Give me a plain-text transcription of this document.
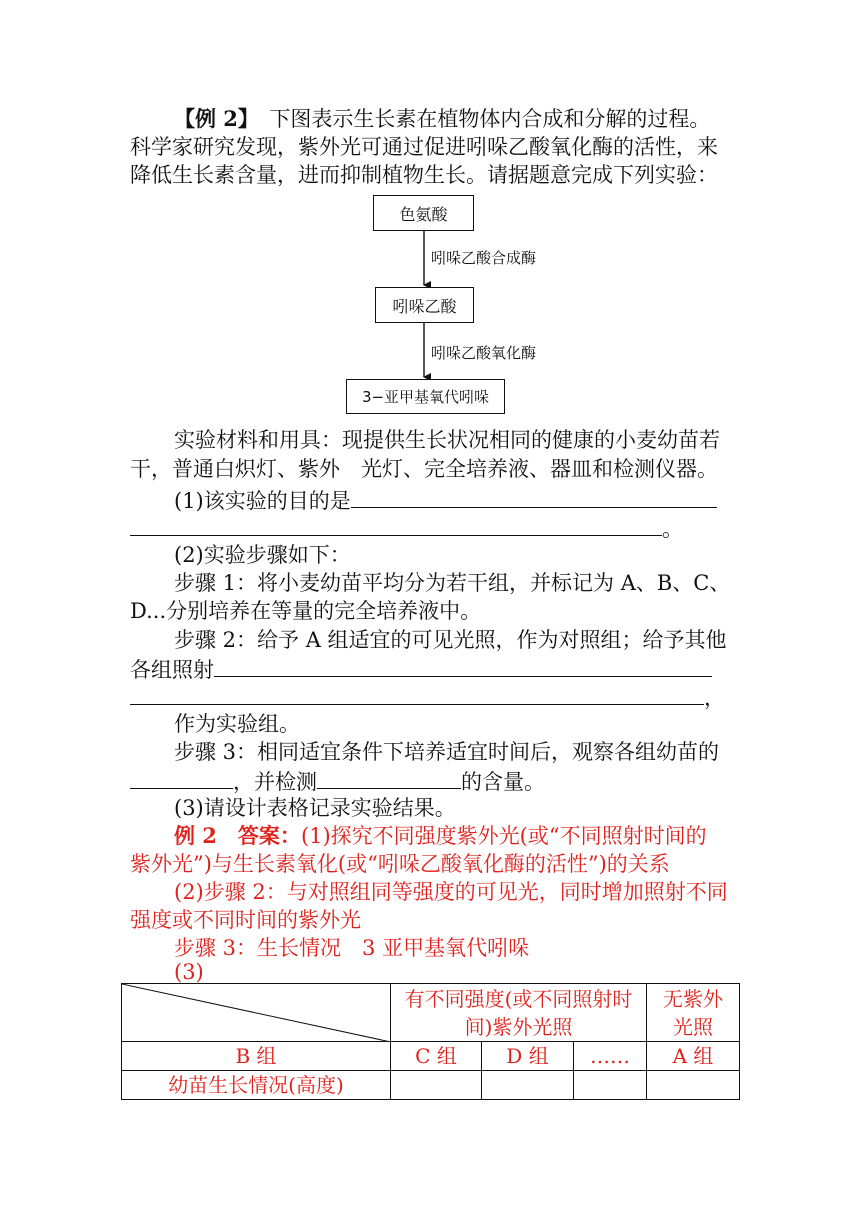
【例 2】　 下图表示生长素在植物体内合成和分解的过程。
科学家研究发现，紫外光可通过促进吲哚乙酸氧化酶的活性，来
降低生长素含量，进而抑制植物生长。请据题意完成下列实验：
色氨酸
吲哚乙酸合成酶
吲哚乙酸
吲哚乙酸氧化酶
3−亚甲基氧代吲哚
实验材料和用具：现提供生长状况相同的健康的小麦幼苗若
干，普通白炽灯、紫外　光灯、完全培养液、器皿和检测仪器。
(1)该实验的目的是
。
(2)实验步骤如下：
步骤 1：将小麦幼苗平均分为若干组，并标记为 A、B、C、
D...分别培养在等量的完全培养液中。
步骤 2：给予 A 组适宜的可见光照，作为对照组；给予其他
各组照射
，
作为实验组。
步骤 3：相同适宜条件下培养适宜时间后，观察各组幼苗的
，并检测	的含量。
(3)请设计表格记录实验结果。
例 2　答案：(1)探究不同强度紫外光(或“不同照射时间的
紫外光”)与生长素氧化(或“吲哚乙酸氧化酶的活性”)的关系
(2)步骤 2：与对照组同等强度的可见光，同时增加照射不同
强度或不同时间的紫外光
步骤 3：生长情况　3 亚甲基氧代吲哚
(3)
	有不同强度(或不同照射时间)紫外光照			无紫外光照
B 组	C 组	D 组	……	A 组
幼苗生长情况(高度)				
